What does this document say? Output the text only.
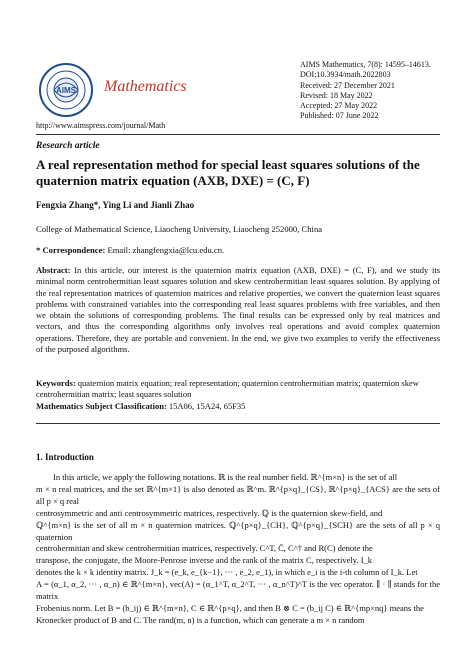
AIMS Mathematics
http://www.aimspress.com/journal/Math
AIMS Mathematics, 7(8): 14595–14613.
DOI:10.3934/math.2022803
Received: 27 December 2021
Revised: 18 May 2022
Accepted: 27 May 2022
Published: 07 June 2022
Research article
A real representation method for special least squares solutions of the quaternion matrix equation (AXB, DXE) = (C, F)
Fengxia Zhang*, Ying Li and Jianli Zhao
College of Mathematical Science, Liaocheng University, Liaocheng 252000, China
* Correspondence: Email: zhangfengxia@lcu.edu.cn.
Abstract: In this article, our interest is the quaternion matrix equation (AXB, DXE) = (C, F), and we study its minimal norm centrohermitian least squares solution and skew centrohermitian least squares solution. By applying of the real representation matrices of quaternion matrices and relative properties, we convert the quaternion least squares problems with constrained variables into the corresponding real least squares problems with free variables, and then we obtain the solutions of corresponding problems. The final results can be expressed only by real matrices and vectors, and thus the corresponding algorithms only involves real operations and avoid complex quaternion operations. Therefore, they are portable and convenient. In the end, we give two examples to verify the effectiveness of the purposed algorithms.
Keywords: quaternion matrix equation; real representation; quaternion centrohermitian matrix; quaternion skew centrohermitian matrix; least squares solution
Mathematics Subject Classification: 15A06, 15A24, 65F35
1. Introduction
In this article, we apply the following notations. ℝ is the real number field. ℝ^{m×n} is the set of all
m × n real matrices, and the set ℝ^{m×1} is also denoted as ℝ^m. ℝ^{p×q}_{CS}, ℝ^{p×q}_{ACS} are the sets of all p × q real
centrosymmetric and anti centrosymmetric matrices, respectively. ℚ is the quaternion skew-field, and
ℚ^{m×n} is the set of all m × n quaternion matrices. ℚ^{p×q}_{CH}, ℚ^{p×q}_{SCH} are the sets of all p × q quaternion
centrohermitian and skew centrohermitian matrices, respectively. C^T, C̄, C^† and R(C) denote the
transpose, the conjugate, the Moore-Penrose inverse and the rank of the matrix C, respectively. I_k
denotes the k × k identity matrix. J_k = (e_k, e_{k−1}, ··· , e_2, e_1), in which e_i is the i-th column of I_k. Let
A = (α_1, α_2, ··· , α_n) ∈ ℝ^{m×n}, vec(A) = (α_1^T, α_2^T, ··· , α_n^T)^T is the vec operator. ∥ · ∥ stands for the matrix
Frobenius norm. Let B = (b_ij) ∈ ℝ^{m×n}, C ∈ ℝ^{p×q}, and then B ⊗ C = (b_ij C) ∈ ℝ^{mp×nq} means the
Kronecker product of B and C. The rand(m, n) is a function, which can generate a m × n random
